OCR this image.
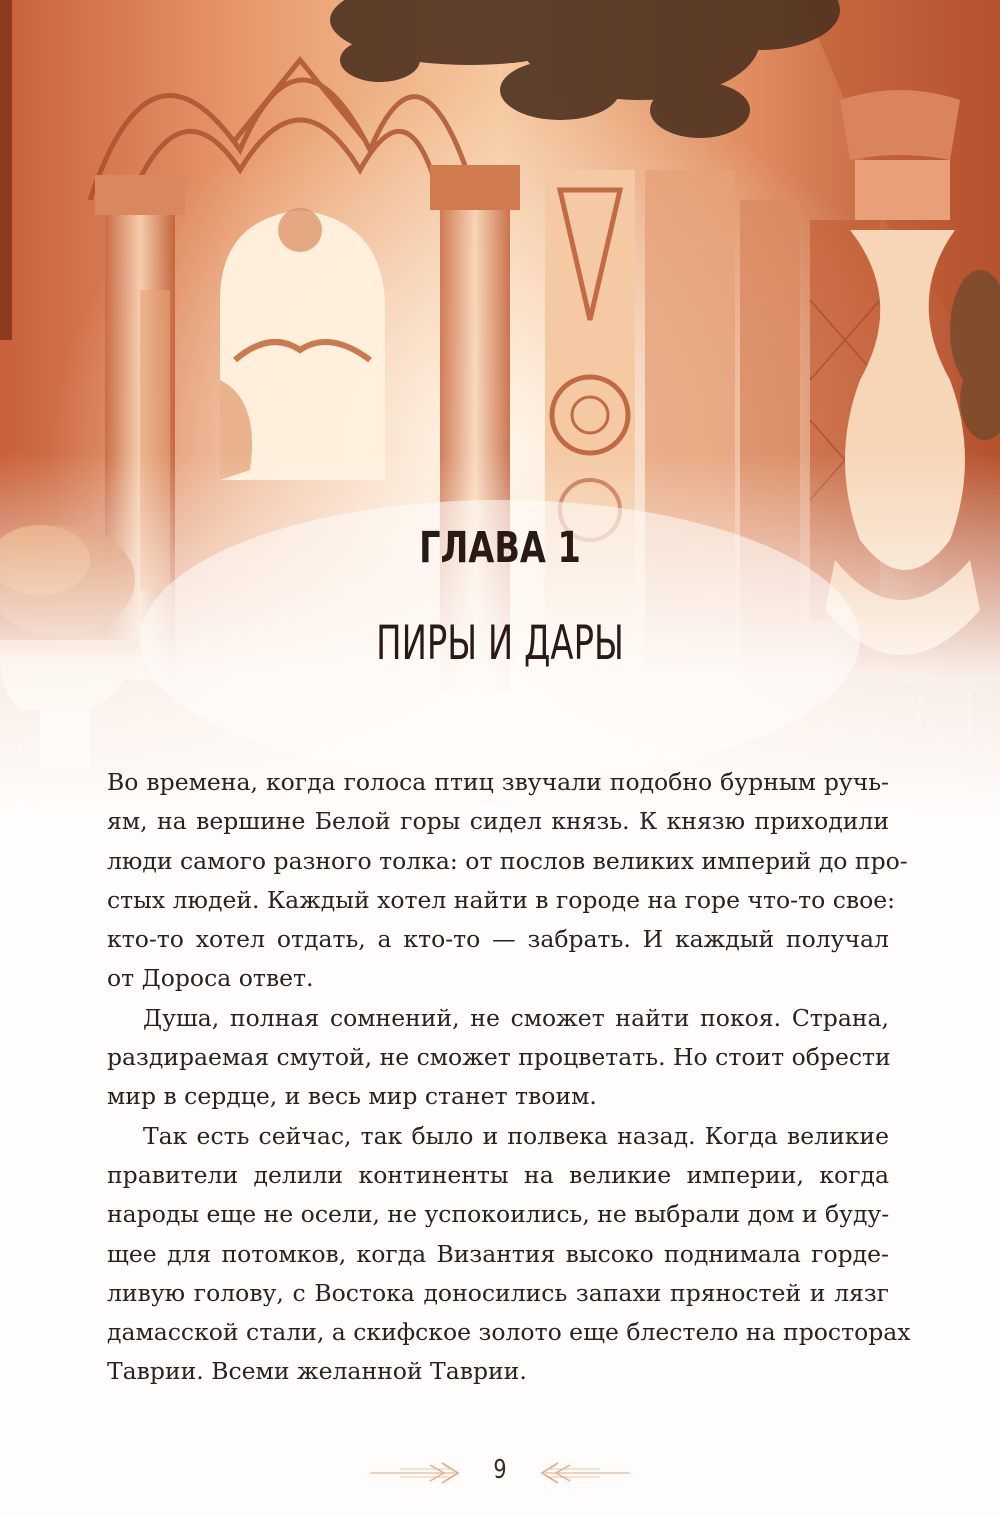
ГЛАВА 1
ПИРЫ И ДАРЫ

Во времена, когда голоса птиц звучали подобно бурным ручь-
ям, на вершине Белой горы сидел князь. К князю приходили
люди самого разного толка: от послов великих империй до про-
стых людей. Каждый хотел найти в городе на горе что-то свое:
кто-то хотел отдать, а кто-то — забрать. И каждый получал
от Дороса ответ.

Душа, полная сомнений, не сможет найти покоя. Страна,
раздираемая смутой, не сможет процветать. Но стоит обрести
мир в сердце, и весь мир станет твоим.

Так есть сейчас, так было и полвека назад. Когда великие
правители делили континенты на великие империи, когда
народы еще не осели, не успокоились, не выбрали дом и буду-
щее для потомков, когда Византия высоко поднимала горде-
ливую голову, с Востока доносились запахи пряностей и лязг
дамасской стали, а скифское золото еще блестело на просторах
Таврии. Всеми желанной Таврии.

9
